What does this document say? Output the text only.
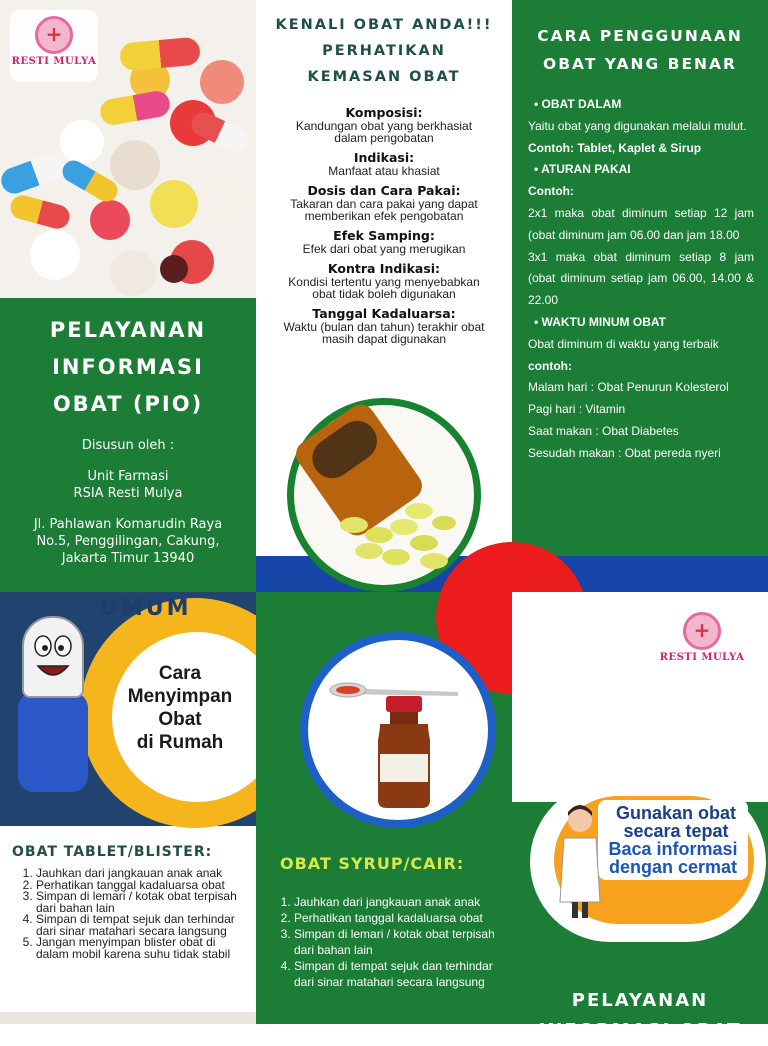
+
RESTI MULYA
PELAYANAN
INFORMASI
OBAT (PIO)
Disusun oleh :
Unit Farmasi
RSIA Resti Mulya
Jl. Pahlawan Komarudin Raya
No.5, Penggilingan, Cakung,
Jakarta Timur 13940
KENALI OBAT ANDA!!!
PERHATIKAN
KEMASAN OBAT
Komposisi:
Kandungan obat yang berkhasiat
dalam pengobatan
Indikasi:
Manfaat atau khasiat
Dosis dan Cara Pakai:
Takaran dan cara pakai yang dapat
memberikan efek pengobatan
Efek Samping:
Efek dari obat yang merugikan
Kontra Indikasi:
Kondisi tertentu yang menyebabkan
obat tidak boleh digunakan
Tanggal Kadaluarsa:
Waktu (bulan dan tahun) terakhir obat
masih dapat digunakan
CARA PENGGUNAAN
OBAT YANG BENAR
• OBAT DALAM
Yaitu obat yang digunakan melalui mulut.
Contoh: Tablet, Kaplet & Sirup
• ATURAN PAKAI
Contoh:
2x1 maka obat diminum setiap 12 jam (obat diminum jam 06.00 dan jam 18.00
3x1 maka obat diminum setiap 8 jam (obat diminum setiap jam 06.00, 14.00 & 22.00
• WAKTU MINUM OBAT
Obat diminum di waktu yang terbaik
contoh:
Malam hari : Obat Penurun Kolesterol
Pagi hari : Vitamin
Saat makan : Obat Diabetes
Sesudah makan : Obat pereda nyeri
UMUM
Cara
Menyimpan
Obat
di Rumah
OBAT TABLET/BLISTER:
1. Jauhkan dari jangkauan anak anak
2. Perhatikan tanggal kadaluarsa obat
3. Simpan di lemari / kotak obat terpisah dari bahan lain
4. Simpan di tempat sejuk dan terhindar dari sinar matahari secara langsung
5. Jangan menyimpan blister obat di dalam mobil karena suhu tidak stabil
OBAT SYRUP/CAIR:
1. Jauhkan dari jangkauan anak anak
2. Perhatikan tanggal kadaluarsa obat
3. Simpan di lemari / kotak obat terpisah dari bahan lain
4. Simpan di tempat sejuk dan terhindar dari sinar matahari secara langsung
+
RESTI MULYA
Gunakan obat
secara tepat
Baca informasi
dengan cermat
PELAYANAN
INFORMASI OBAT
